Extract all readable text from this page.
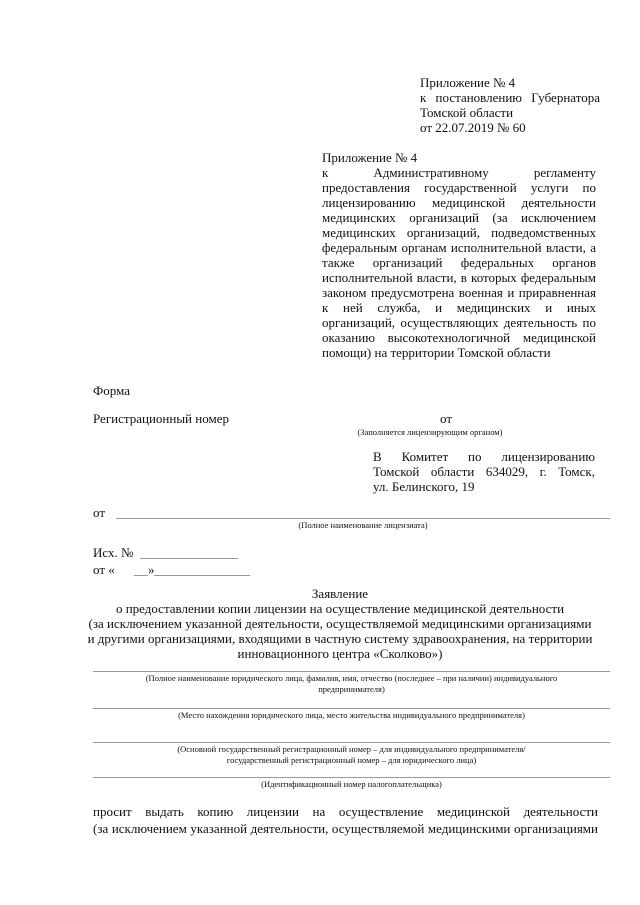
Приложение № 4
к постановлению Губернатора
Томской области
от 22.07.2019 № 60
Приложение № 4
к Административному регламенту предоставления государственной услуги по лицензированию медицинской деятельности медицинских организаций (за исключением медицинских организаций, подведомственных федеральным органам исполнительной власти, а также организаций федеральных органов исполнительной власти, в которых федеральным законом предусмотрена военная и приравненная к ней служба, и медицинских и иных организаций, осуществляющих деятельность по оказанию высокотехнологичной медицинской помощи) на территории Томской области
Форма
Регистрационный номер	от
(Заполняется лицензирующим органом)
В Комитет по лицензированию
Томской области 634029, г. Томск,
ул. Белинского, 19
от
(Полное наименование лицензиата)
Исх. №
от «	»
Заявление
о предоставлении копии лицензии на осуществление медицинской деятельности
(за исключением указанной деятельности, осуществляемой медицинскими организациями
и другими организациями, входящими в частную систему здравоохранения, на территории
инновационного центра «Сколково»)
(Полное наименование юридического лица, фамилия, имя, отчество (последнее – при наличии) индивидуального
предпринимателя)
(Место нахождения юридического лица, место жительства индивидуального предпринимателя)
(Основной государственный регистрационный номер – для индивидуального предпринимателя/
государственный регистрационный номер – для юридического лица)
(Идентификационный номер налогоплательщика)
просит выдать копию лицензии на осуществление медицинской деятельности
(за исключением указанной деятельности, осуществляемой медицинскими организациями
